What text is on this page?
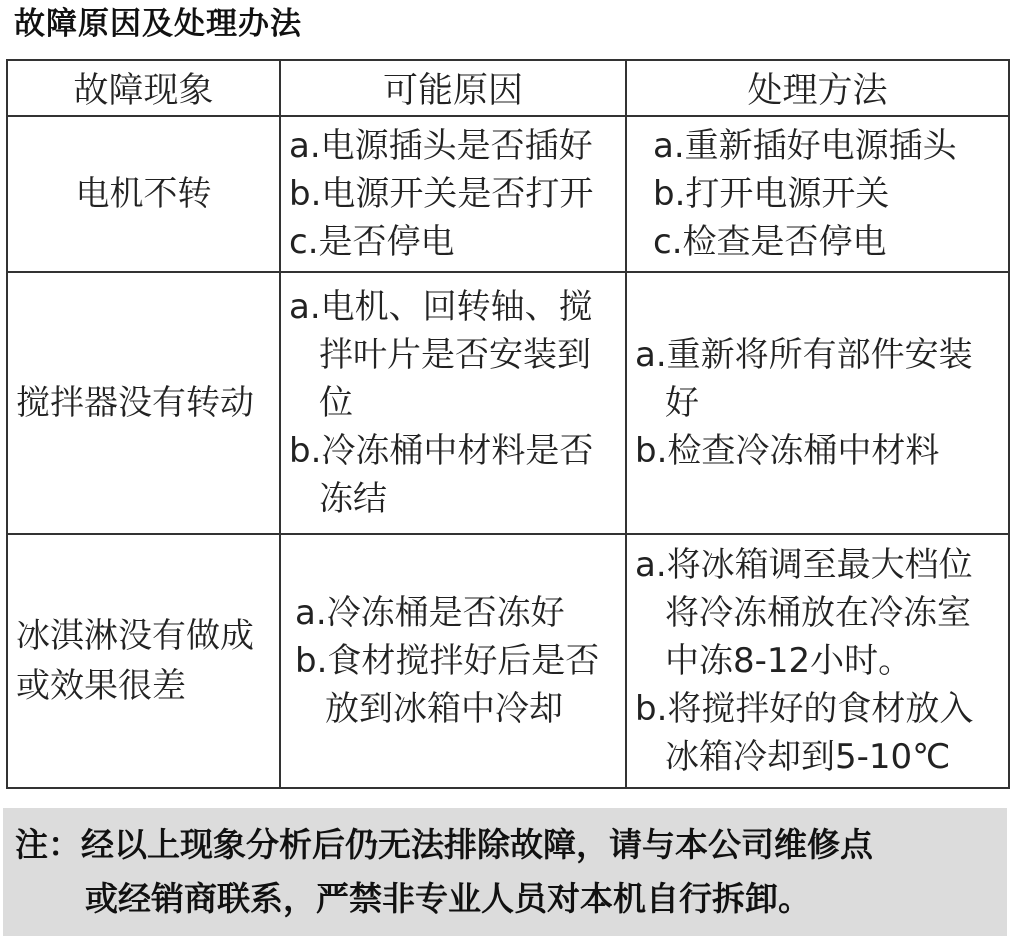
故障原因及处理办法
故障现象	可能原因	处理方法
电机不转	a.电源插头是否插好
b.电源开关是否打开
c.是否停电	a.重新插好电源插头
b.打开电源开关
c.检查是否停电

搅拌器没有转动	a.电机、回转轴、搅
拌叶片是否安装到
位
b.冷冻桶中材料是否
冻结	a.重新将所有部件安装
好
b.检查冷冻桶中材料

冰淇淋没有做成 或效果很差	a.冷冻桶是否冻好
b.食材搅拌好后是否
放到冰箱中冷却	a.将冰箱调至最大档位
将冷冻桶放在冷冻室
中冻8-12小时。
b.将搅拌好的食材放入
冰箱冷却到5-10℃
注：经以上现象分析后仍无法排除故障，请与本公司维修点
或经销商联系，严禁非专业人员对本机自行拆卸。
